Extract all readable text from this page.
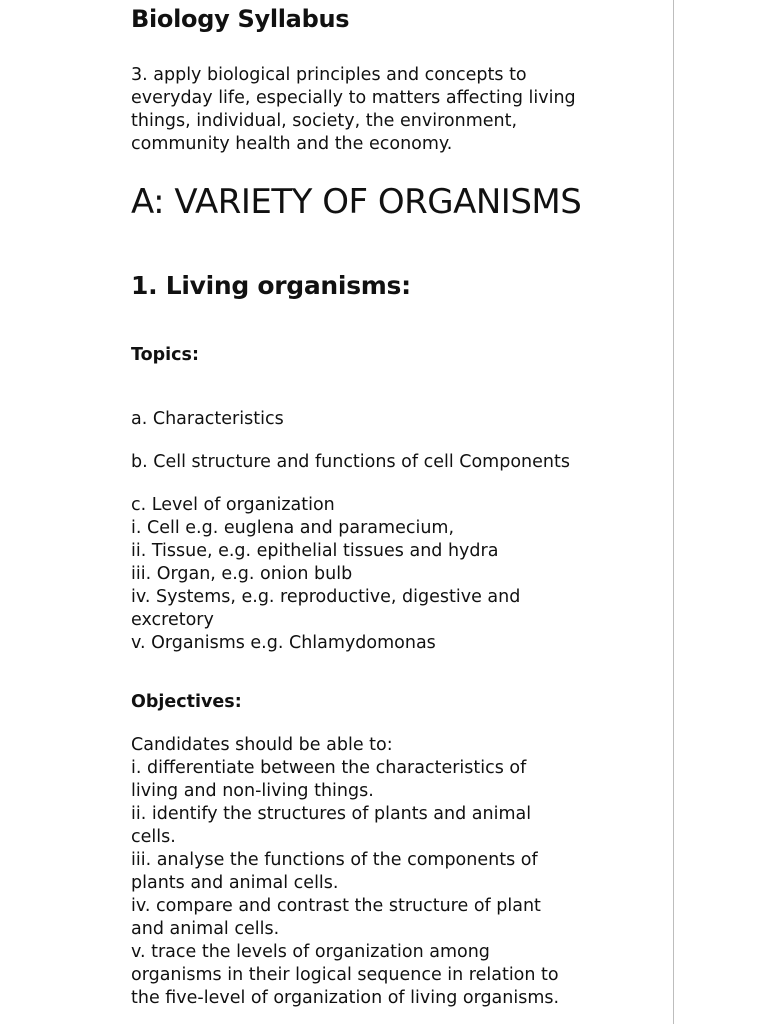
Biology Syllabus
3. apply biological principles and concepts to
everyday life, especially to matters affecting living
things, individual, society, the environment,
community health and the economy.
A: VARIETY OF ORGANISMS
1. Living organisms:
Topics:
a. Characteristics
b. Cell structure and functions of cell Components
c. Level of organization
i. Cell e.g. euglena and paramecium,
ii. Tissue, e.g. epithelial tissues and hydra
iii. Organ, e.g. onion bulb
iv. Systems, e.g. reproductive, digestive and
excretory
v. Organisms e.g. Chlamydomonas
Objectives:
Candidates should be able to:
i. differentiate between the characteristics of
living and non-living things.
ii. identify the structures of plants and animal
cells.
iii. analyse the functions of the components of
plants and animal cells.
iv. compare and contrast the structure of plant
and animal cells.
v. trace the levels of organization among
organisms in their logical sequence in relation to
the five-level of organization of living organisms.
